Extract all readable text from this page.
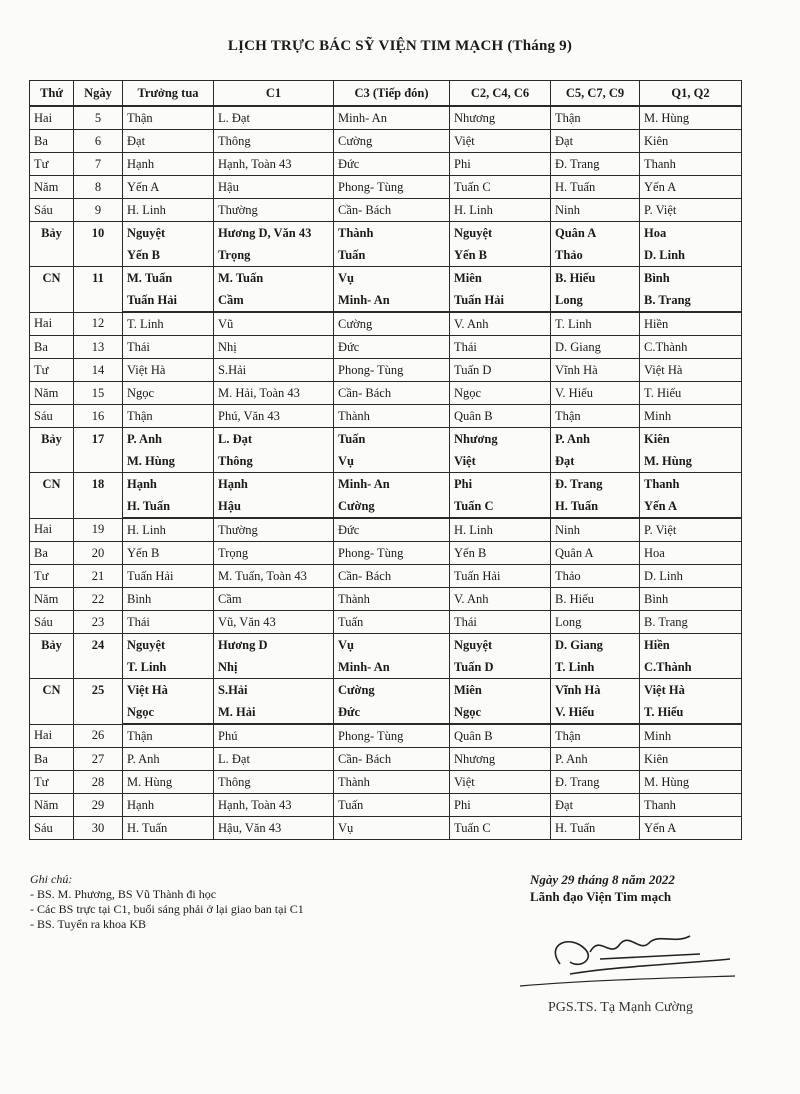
LỊCH TRỰC BÁC SỸ VIỆN TIM MẠCH (Tháng 9)
Thứ	Ngày	Trưởng tua	C1	C3 (Tiếp đón)	C2, C4, C6	C5, C7, C9	Q1, Q2
Hai	5	Thận	L. Đạt	Minh- An	Nhương	Thận	M. Hùng
Ba	6	Đạt	Thông	Cường	Việt	Đạt	Kiên
Tư	7	Hạnh	Hạnh, Toàn 43	Đức	Phi	Đ. Trang	Thanh
Năm	8	Yến A	Hậu	Phong- Tùng	Tuấn C	H. Tuấn	Yến A
Sáu	9	H. Linh	Thường	Cần- Bách	H. Linh	Ninh	P. Việt
Bảy	10	Nguyệt	Hương D, Văn 43	Thành	Nguyệt	Quân A	Hoa
		Yến B	Trọng	Tuấn	Yến B	Thảo	D. Linh
CN	11	M. Tuấn	M. Tuấn	Vụ	Miên	B. Hiếu	Bình
		Tuấn Hải	Cầm	Minh- An	Tuấn Hải	Long	B. Trang
Hai	12	T. Linh	Vũ	Cường	V. Anh	T. Linh	Hiền
Ba	13	Thái	Nhị	Đức	Thái	D. Giang	C.Thành
Tư	14	Việt Hà	S.Hải	Phong- Tùng	Tuấn D	Vĩnh Hà	Việt Hà
Năm	15	Ngọc	M. Hải, Toàn 43	Cần- Bách	Ngọc	V. Hiếu	T. Hiếu
Sáu	16	Thận	Phú, Văn 43	Thành	Quân B	Thận	Minh
Bảy	17	P. Anh	L. Đạt	Tuấn	Nhương	P. Anh	Kiên
		M. Hùng	Thông	Vụ	Việt	Đạt	M. Hùng
CN	18	Hạnh	Hạnh	Minh- An	Phi	Đ. Trang	Thanh
		H. Tuấn	Hậu	Cường	Tuấn C	H. Tuấn	Yến A
Hai	19	H. Linh	Thường	Đức	H. Linh	Ninh	P. Việt
Ba	20	Yến B	Trọng	Phong- Tùng	Yến B	Quân A	Hoa
Tư	21	Tuấn Hải	M. Tuấn, Toàn 43	Cần- Bách	Tuấn Hải	Thảo	D. Linh
Năm	22	Bình	Cầm	Thành	V. Anh	B. Hiếu	Bình
Sáu	23	Thái	Vũ, Văn 43	Tuấn	Thái	Long	B. Trang
Bảy	24	Nguyệt	Hương D	Vụ	Nguyệt	D. Giang	Hiền
		T. Linh	Nhị	Minh- An	Tuấn D	T. Linh	C.Thành
CN	25	Việt Hà	S.Hải	Cường	Miên	Vĩnh Hà	Việt Hà
		Ngọc	M. Hải	Đức	Ngọc	V. Hiếu	T. Hiếu
Hai	26	Thận	Phú	Phong- Tùng	Quân B	Thận	Minh
Ba	27	P. Anh	L. Đạt	Cần- Bách	Nhương	P. Anh	Kiên
Tư	28	M. Hùng	Thông	Thành	Việt	Đ. Trang	M. Hùng
Năm	29	Hạnh	Hạnh, Toàn 43	Tuấn	Phi	Đạt	Thanh
Sáu	30	H. Tuấn	Hậu, Văn 43	Vụ	Tuấn C	H. Tuấn	Yến A
Ghi chú:
- BS. M. Phương, BS Vũ Thành đi học
- Các BS trực tại C1, buổi sáng phải ở lại giao ban tại C1
- BS. Tuyển ra khoa KB
Ngày 29 tháng 8 năm 2022
Lãnh đạo Viện Tim mạch
PGS.TS. Tạ Mạnh Cường
